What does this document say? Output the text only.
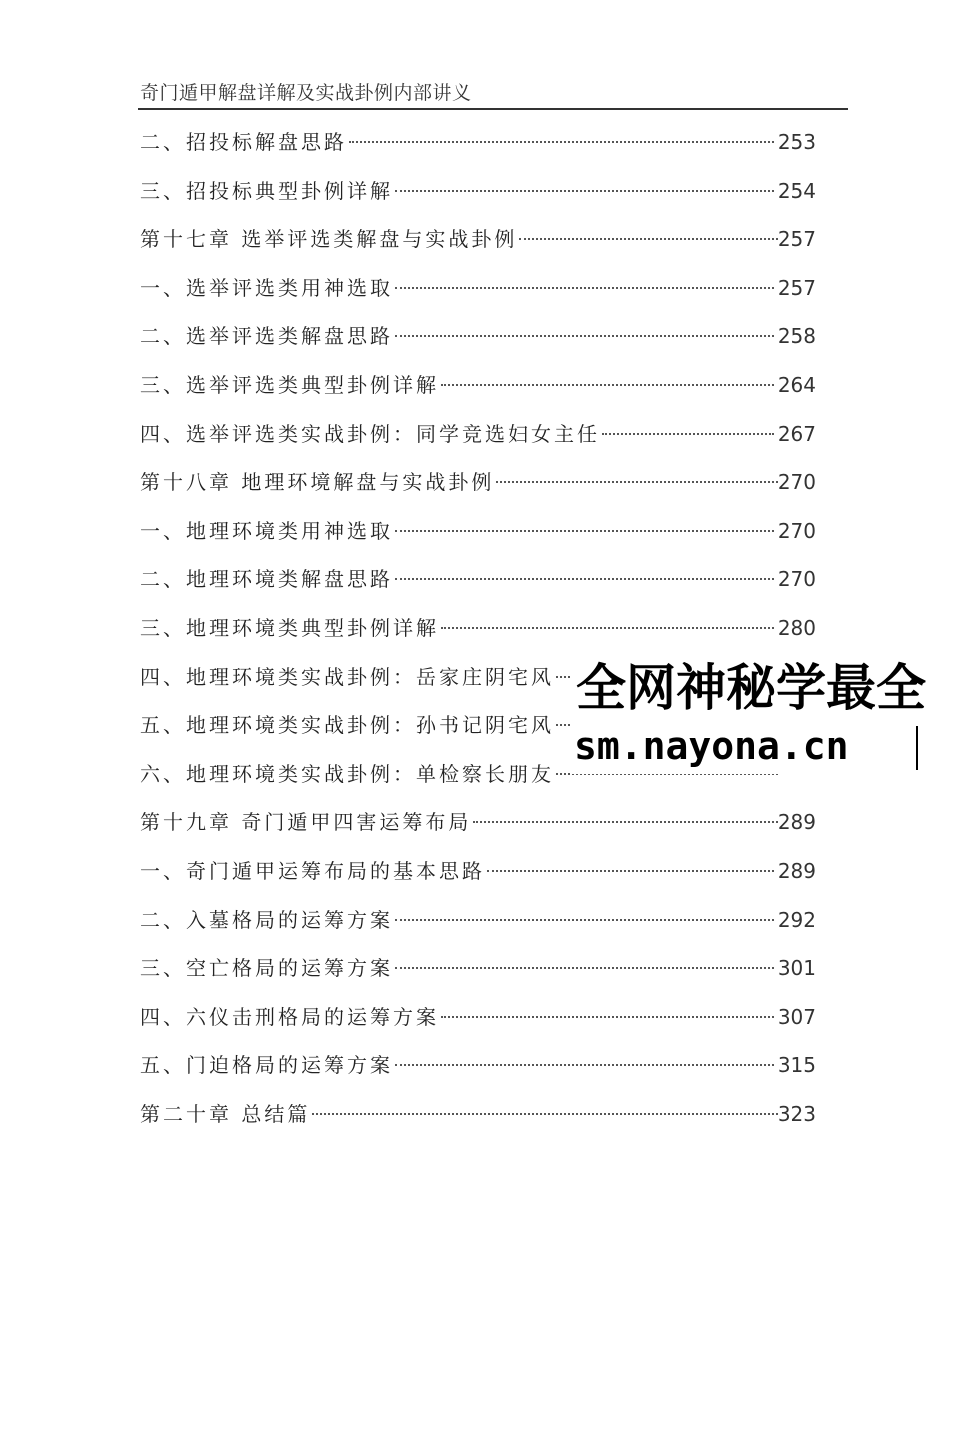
奇门遁甲解盘详解及实战卦例内部讲义
二、招投标解盘思路	253
三、招投标典型卦例详解	254
第十七章 选举评选类解盘与实战卦例	257
一、选举评选类用神选取	257
二、选举评选类解盘思路	258
三、选举评选类典型卦例详解	264
四、选举评选类实战卦例：同学竞选妇女主任	267
第十八章 地理环境解盘与实战卦例	270
一、地理环境类用神选取	270
二、地理环境类解盘思路	270
三、地理环境类典型卦例详解	280
四、地理环境类实战卦例：岳家庄阴宅风
五、地理环境类实战卦例：孙书记阴宅风
六、地理环境类实战卦例：单检察长朋友
第十九章 奇门遁甲四害运筹布局	289
一、奇门遁甲运筹布局的基本思路	289
二、入墓格局的运筹方案	292
三、空亡格局的运筹方案	301
四、六仪击刑格局的运筹方案	307
五、门迫格局的运筹方案	315
第二十章 总结篇	323
全网神秘学最全
sm.nayona.cn
